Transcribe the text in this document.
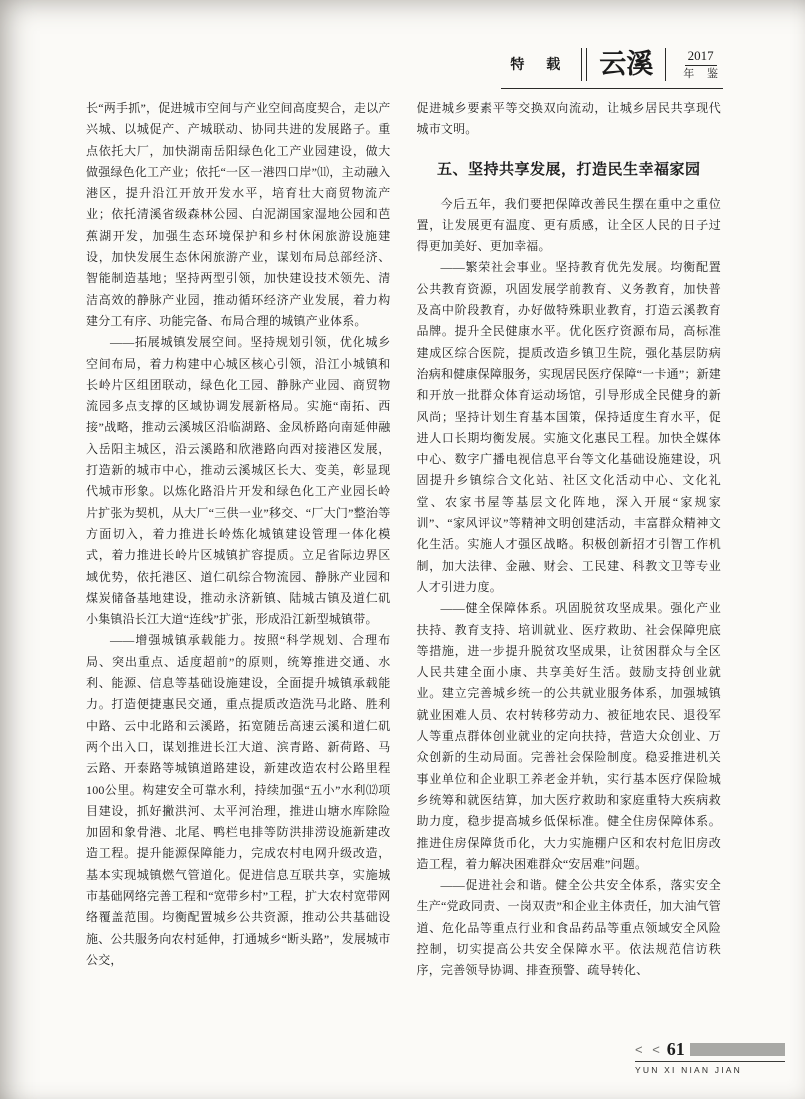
特 载 云溪	2017
年 鉴

长“两手抓”，促进城市空间与产业空间高度契合，走以产兴城、以城促产、产城联动、协同共进的发展路子。重点依托大厂，加快湖南岳阳绿色化工产业园建设，做大做强绿色化工产业；依托“一区一港四口岸”⑾，主动融入港区，提升沿江开放开发水平，培育壮大商贸物流产业；依托清溪省级森林公园、白泥湖国家湿地公园和芭蕉湖开发，加强生态环境保护和乡村休闲旅游设施建设，加快发展生态休闲旅游产业，谋划布局总部经济、智能制造基地；坚持两型引领，加快建设技术领先、清洁高效的静脉产业园，推动循环经济产业发展，着力构建分工有序、功能完备、布局合理的城镇产业体系。

——拓展城镇发展空间。坚持规划引领，优化城乡空间布局，着力构建中心城区核心引领，沿江小城镇和长岭片区组团联动，绿色化工园、静脉产业园、商贸物流园多点支撑的区域协调发展新格局。实施“南拓、西接”战略，推动云溪城区沿临湖路、金凤桥路向南延伸融入岳阳主城区，沿云溪路和欣港路向西对接港区发展，打造新的城市中心，推动云溪城区长大、变美，彰显现代城市形象。以炼化路沿片开发和绿色化工产业园长岭片扩张为契机，从大厂“三供一业”移交、“厂大门”整治等方面切入，着力推进长岭炼化城镇建设管理一体化模式，着力推进长岭片区城镇扩容提质。立足省际边界区域优势，依托港区、道仁矶综合物流园、静脉产业园和煤炭储备基地建设，推动永济新镇、陆城古镇及道仁矶小集镇沿长江大道“连线”扩张，形成沿江新型城镇带。

——增强城镇承载能力。按照“科学规划、合理布局、突出重点、适度超前”的原则，统筹推进交通、水利、能源、信息等基础设施建设，全面提升城镇承载能力。打造便捷惠民交通，重点提质改造洗马北路、胜利中路、云中北路和云溪路，拓宽随岳高速云溪和道仁矶两个出入口，谋划推进长江大道、滨青路、新荷路、马云路、开泰路等城镇道路建设，新建改造农村公路里程100公里。构建安全可靠水利，持续加强“五小”水利⑿项目建设，抓好撇洪河、太平河治理，推进山塘水库除险加固和象骨港、北尾、鸭栏电排等防洪排涝设施新建改造工程。提升能源保障能力，完成农村电网升级改造，基本实现城镇燃气管道化。促进信息互联共享，实施城市基础网络完善工程和“宽带乡村”工程，扩大农村宽带网络覆盖范围。均衡配置城乡公共资源，推动公共基础设施、公共服务向农村延伸，打通城乡“断头路”，发展城市公交，

促进城乡要素平等交换双向流动，让城乡居民共享现代城市文明。

五、坚持共享发展，打造民生幸福家园

今后五年，我们要把保障改善民生摆在重中之重位置，让发展更有温度、更有质感，让全区人民的日子过得更加美好、更加幸福。

——繁荣社会事业。坚持教育优先发展。均衡配置公共教育资源，巩固发展学前教育、义务教育，加快普及高中阶段教育，办好做特殊职业教育，打造云溪教育品牌。提升全民健康水平。优化医疗资源布局，高标准建成区综合医院，提质改造乡镇卫生院，强化基层防病治病和健康保障服务，实现居民医疗保障“一卡通”；新建和开放一批群众体育运动场馆，引导形成全民健身的新风尚；坚持计划生育基本国策，保持适度生育水平，促进人口长期均衡发展。实施文化惠民工程。加快全媒体中心、数字广播电视信息平台等文化基础设施建设，巩固提升乡镇综合文化站、社区文化活动中心、文化礼堂、农家书屋等基层文化阵地，深入开展“家规家训”、“家风评议”等精神文明创建活动，丰富群众精神文化生活。实施人才强区战略。积极创新招才引智工作机制，加大法律、金融、财会、工民建、科教文卫等专业人才引进力度。

——健全保障体系。巩固脱贫攻坚成果。强化产业扶持、教育支持、培训就业、医疗救助、社会保障兜底等措施，进一步提升脱贫攻坚成果，让贫困群众与全区人民共建全面小康、共享美好生活。鼓励支持创业就业。建立完善城乡统一的公共就业服务体系，加强城镇就业困难人员、农村转移劳动力、被征地农民、退役军人等重点群体创业就业的定向扶持，营造大众创业、万众创新的生动局面。完善社会保险制度。稳妥推进机关事业单位和企业职工养老金并轨，实行基本医疗保险城乡统筹和就医结算，加大医疗救助和家庭重特大疾病救助力度，稳步提高城乡低保标准。健全住房保障体系。推进住房保障货币化，大力实施棚户区和农村危旧房改造工程，着力解决困难群众“安居难”问题。

——促进社会和谐。健全公共安全体系，落实安全生产“党政同责、一岗双责”和企业主体责任，加大油气管道、危化品等重点行业和食品药品等重点领域安全风险控制，切实提高公共安全保障水平。依法规范信访秩序，完善领导协调、排查预警、疏导转化、

< < 61
YUN XI NIAN JIAN
